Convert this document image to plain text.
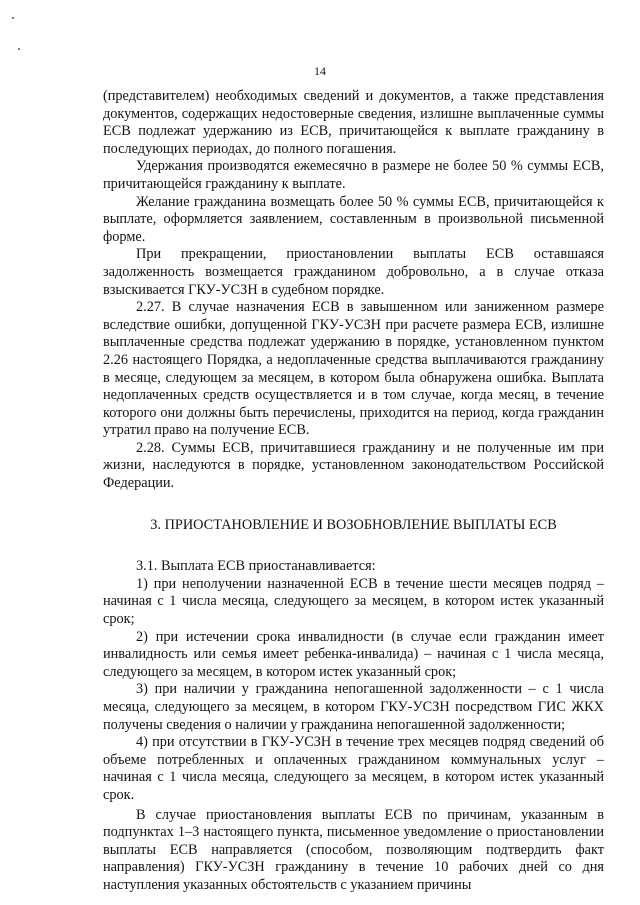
14

(представителем) необходимых сведений и документов, а также представления документов, содержащих недостоверные сведения, излишне выплаченные суммы ЕСВ подлежат удержанию из ЕСВ, причитающейся к выплате гражданину в последующих периодах, до полного погашения.

Удержания производятся ежемесячно в размере не более 50 % суммы ЕСВ, причитающейся гражданину к выплате.

Желание гражданина возмещать более 50 % суммы ЕСВ, причитающейся к выплате, оформляется заявлением, составленным в произвольной письменной форме.

При прекращении, приостановлении выплаты ЕСВ оставшаяся задолженность возмещается гражданином добровольно, а в случае отказа взыскивается ГКУ-УСЗН в судебном порядке.

2.27. В случае назначения ЕСВ в завышенном или заниженном размере вследствие ошибки, допущенной ГКУ-УСЗН при расчете размера ЕСВ, излишне выплаченные средства подлежат удержанию в порядке, установленном пунктом 2.26 настоящего Порядка, а недоплаченные средства выплачиваются гражданину в месяце, следующем за месяцем, в котором была обнаружена ошибка. Выплата недоплаченных средств осуществляется и в том случае, когда месяц, в течение которого они должны быть перечислены, приходится на период, когда гражданин утратил право на получение ЕСВ.

2.28. Суммы ЕСВ, причитавшиеся гражданину и не полученные им при жизни, наследуются в порядке, установленном законодательством Российской Федерации.

3. ПРИОСТАНОВЛЕНИЕ И ВОЗОБНОВЛЕНИЕ ВЫПЛАТЫ ЕСВ

3.1. Выплата ЕСВ приостанавливается:

1) при неполучении назначенной ЕСВ в течение шести месяцев подряд – начиная с 1 числа месяца, следующего за месяцем, в котором истек указанный срок;

2) при истечении срока инвалидности (в случае если гражданин имеет инвалидность или семья имеет ребенка-инвалида) – начиная с 1 числа месяца, следующего за месяцем, в котором истек указанный срок;

3) при наличии у гражданина непогашенной задолженности – с 1 числа месяца, следующего за месяцем, в котором ГКУ-УСЗН посредством ГИС ЖКХ получены сведения о наличии у гражданина непогашенной задолженности;

4) при отсутствии в ГКУ-УСЗН в течение трех месяцев подряд сведений об объеме потребленных и оплаченных гражданином коммунальных услуг – начиная с 1 числа месяца, следующего за месяцем, в котором истек указанный срок.

В случае приостановления выплаты ЕСВ по причинам, указанным в подпунктах 1–3 настоящего пункта, письменное уведомление о приостановлении выплаты ЕСВ направляется (способом, позволяющим подтвердить факт направления) ГКУ-УСЗН гражданину в течение 10 рабочих дней со дня наступления указанных обстоятельств с указанием причины
